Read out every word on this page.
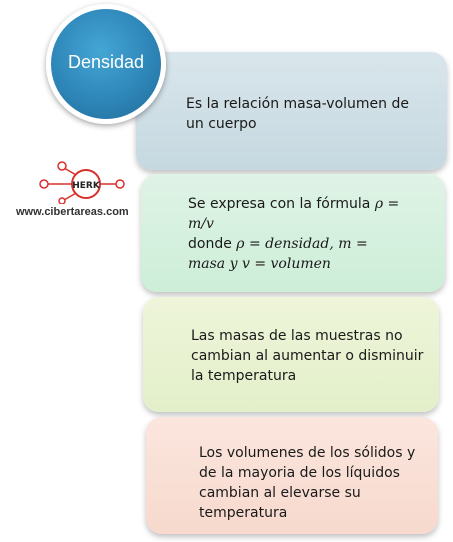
Es la relación masa-volumen de un cuerpo
Se expresa con la fórmula ρ = m/v
donde ρ = densidad, m =
masa y v = volumen
Las masas de las muestras no cambian al aumentar o disminuir la temperatura
Los volumenes de los sólidos y de la mayoria de los líquidos cambian al elevarse su temperatura
Densidad
HERK
www.cibertareas.com
